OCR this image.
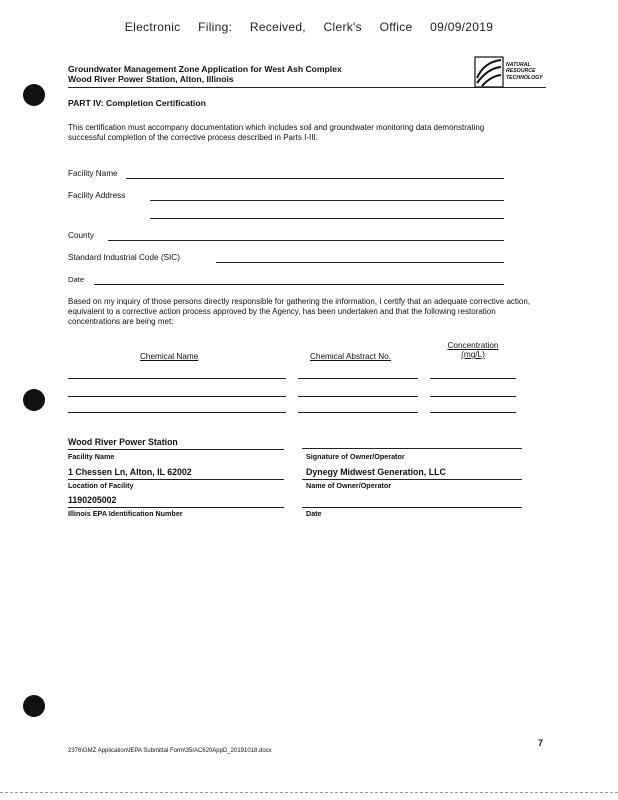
Electronic Filing: Received, Clerk's Office 09/09/2019
Groundwater Management Zone Application for West Ash Complex
Wood River Power Station, Alton, Illinois
NATURAL
RESOURCE
TECHNOLOGY
PART IV: Completion Certification
This certification must accompany documentation which includes soil and groundwater monitoring data demonstrating successful completion of the corrective process described in Parts I-III.
Facility Name
Facility Address
County
Standard Industrial Code (SIC)
Date
Based on my inquiry of those persons directly responsible for gathering the information, I certify that an adequate corrective action, equivalent to a corrective action process approved by the Agency, has been undertaken and that the following restoration concentrations are being met:
Chemical Name	Chemical Abstract No.
Concentration
(mg/L)
Wood River Power Station
Facility Name
1 Chessen Ln, Alton, IL 62002
Location of Facility
1190205002
Illinois EPA Identification Number
Signature of Owner/Operator
Dynegy Midwest Generation, LLC
Name of Owner/Operator
Date
7
2376\GMZ Application\IEPA Submittal Form\35IAC620AppD_20191018.docx
